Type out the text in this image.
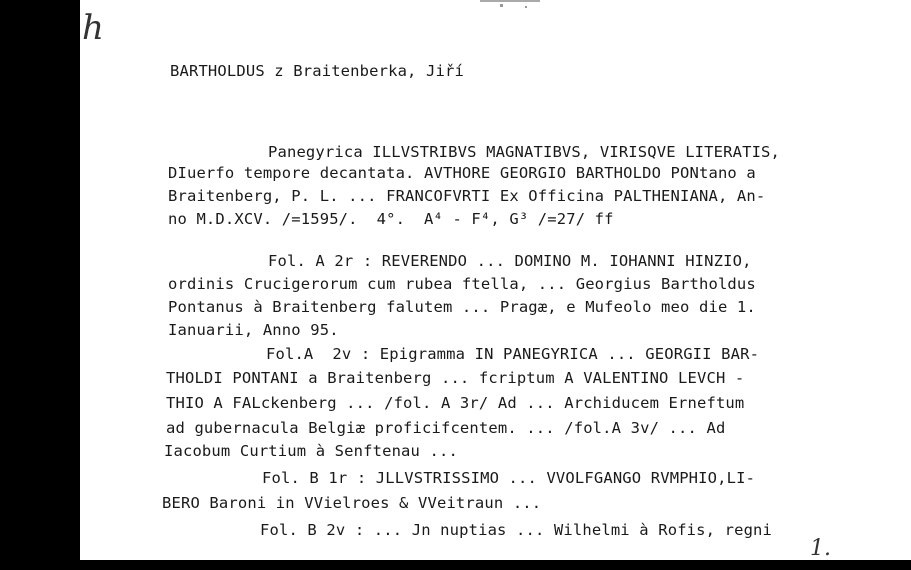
h
BARTHOLDUS z Braitenberka, Jiří
Panegyrica ILLVSTRIBVS MAGNATIBVS, VIRISQVE LITERATIS,
DIuerfo tempore decantata. AVTHORE GEORGIO BARTHOLDO PONtano a
Braitenberg, P. L. ... FRANCOFVRTI Ex Officina PALTHENIANA, An-
no M.D.XCV. /=1595/.  4°.  A⁴ - F⁴, G³ /=27/ ff
Fol. A 2r : REVERENDO ... DOMINO M. IOHANNI HINZIO,
ordinis Crucigerorum cum rubea ftella, ... Georgius Bartholdus
Pontanus à Braitenberg falutem ... Pragæ, e Mufeolo meo die 1.
Ianuarii, Anno 95.
Fol.A  2v : Epigramma IN PANEGYRICA ... GEORGII BAR-
THOLDI PONTANI a Braitenberg ... fcriptum A VALENTINO LEVCH -
THIO A FALckenberg ... /fol. A 3r/ Ad ... Archiducem Erneftum
ad gubernacula Belgiæ proficifcentem. ... /fol.A 3v/ ... Ad
Iacobum Curtium à Senftenau ...
Fol. B 1r : JLLVSTRISSIMO ... VVOLFGANGO RVMPHIO,LI-
BERO Baroni in VVielroes & VVeitraun ...
Fol. B 2v : ... Jn nuptias ... Wilhelmi à Rofis, regni
1.
